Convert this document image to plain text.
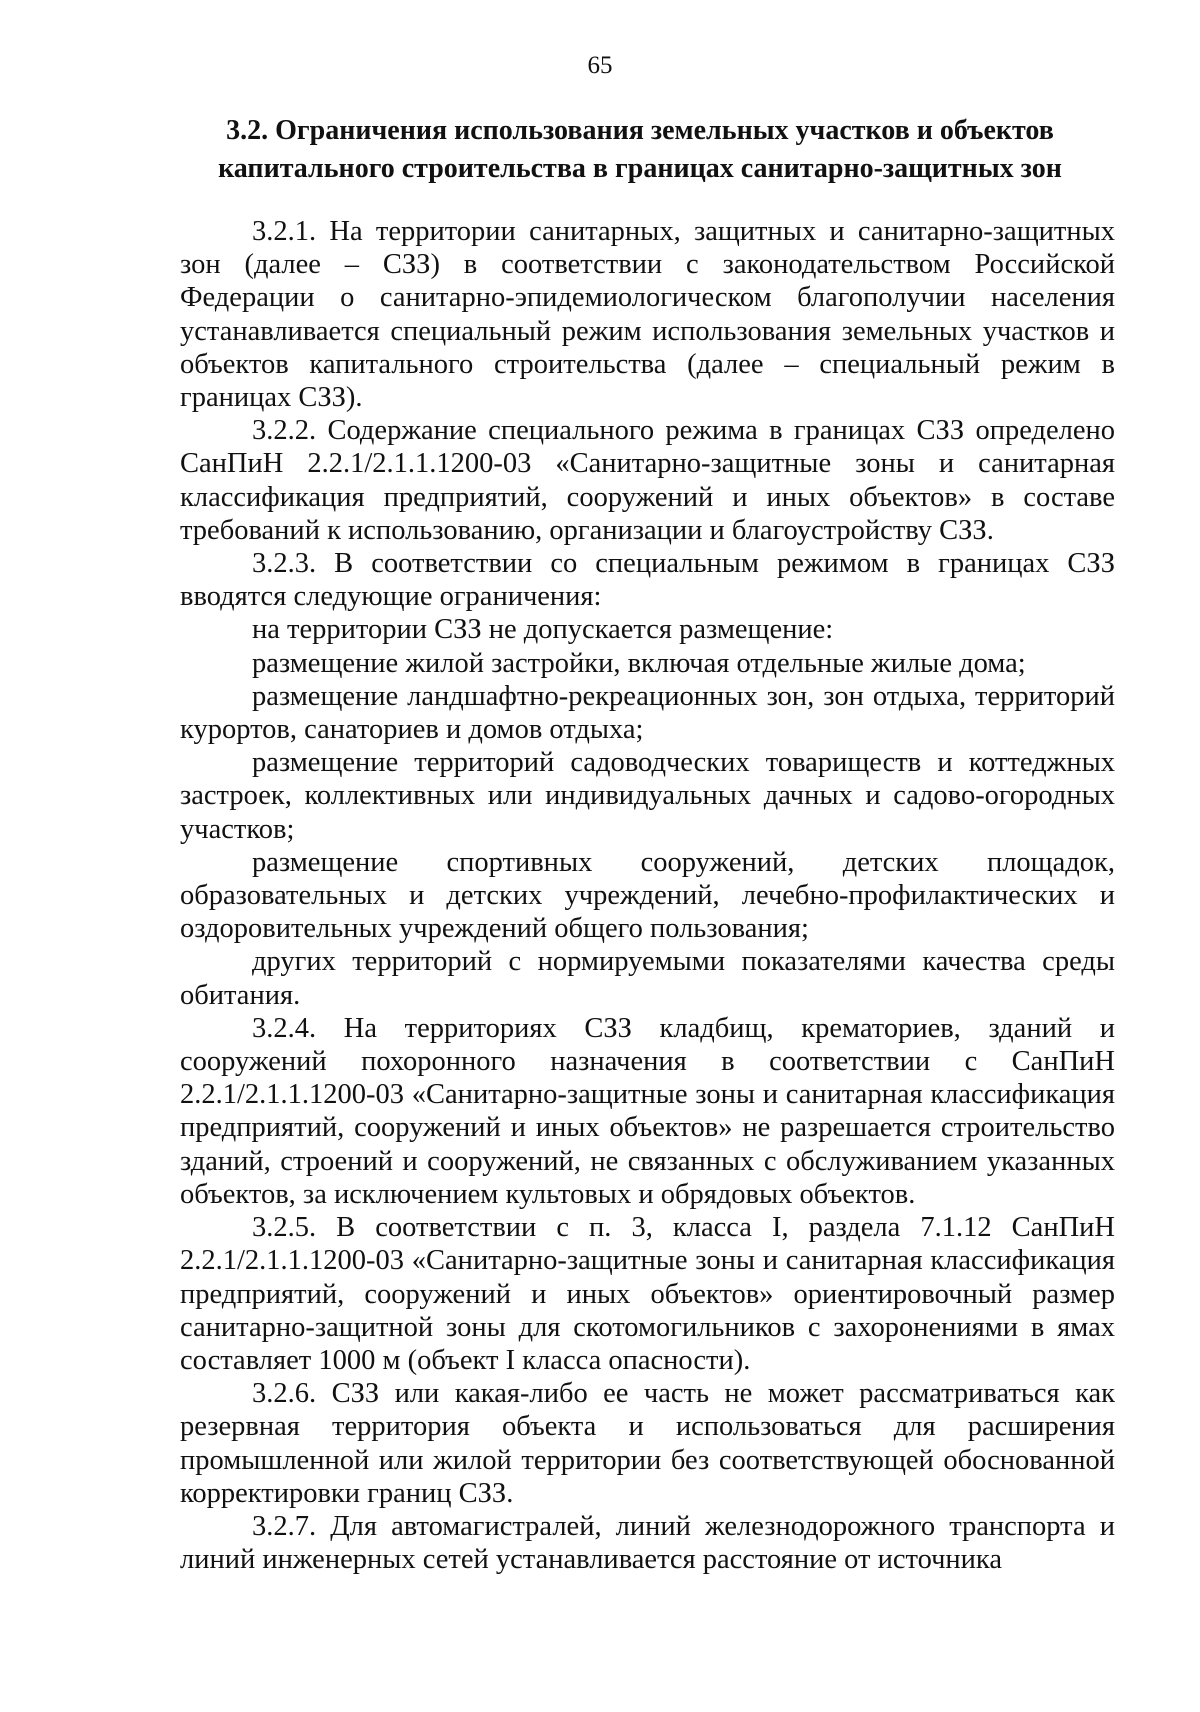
65
3.2. Ограничения использования земельных участков и объектов капитального строительства в границах санитарно-защитных зон

3.2.1. На территории санитарных, защитных и санитарно-защитных зон (далее – СЗЗ) в соответствии с законодательством Российской Федерации о санитарно-эпидемиологическом благополучии населения устанавливается специальный режим использования земельных участков и объектов капитального строительства (далее – специальный режим в границах СЗЗ).

3.2.2. Содержание специального режима в границах СЗЗ определено СанПиН 2.2.1/2.1.1.1200-03 «Санитарно-защитные зоны и санитарная классификация предприятий, сооружений и иных объектов» в составе требований к использованию, организации и благоустройству СЗЗ.

3.2.3. В соответствии со специальным режимом в границах СЗЗ вводятся следующие ограничения:

на территории СЗЗ не допускается размещение:

размещение жилой застройки, включая отдельные жилые дома;

размещение ландшафтно-рекреационных зон, зон отдыха, территорий курортов, санаториев и домов отдыха;

размещение территорий садоводческих товариществ и коттеджных застроек, коллективных или индивидуальных дачных и садово-огородных участков;

размещение спортивных сооружений, детских площадок, образовательных и детских учреждений, лечебно-профилактических и оздоровительных учреждений общего пользования;

других территорий с нормируемыми показателями качества среды обитания.

3.2.4. На территориях СЗЗ кладбищ, крематориев, зданий и сооружений похоронного назначения в соответствии с СанПиН 2.2.1/2.1.1.1200-03 «Санитарно-защитные зоны и санитарная классификация предприятий, сооружений и иных объектов» не разрешается строительство зданий, строений и сооружений, не связанных с обслуживанием указанных объектов, за исключением культовых и обрядовых объектов.

3.2.5. В соответствии с п. 3, класса I, раздела 7.1.12 СанПиН 2.2.1/2.1.1.1200-03 «Санитарно-защитные зоны и санитарная классификация предприятий, сооружений и иных объектов» ориентировочный размер санитарно-защитной зоны для скотомогильников с захоронениями в ямах составляет 1000 м (объект I класса опасности).

3.2.6. СЗЗ или какая-либо ее часть не может рассматриваться как резервная территория объекта и использоваться для расширения промышленной или жилой территории без соответствующей обоснованной корректировки границ СЗЗ.

3.2.7. Для автомагистралей, линий железнодорожного транспорта и линий инженерных сетей устанавливается расстояние от источника
